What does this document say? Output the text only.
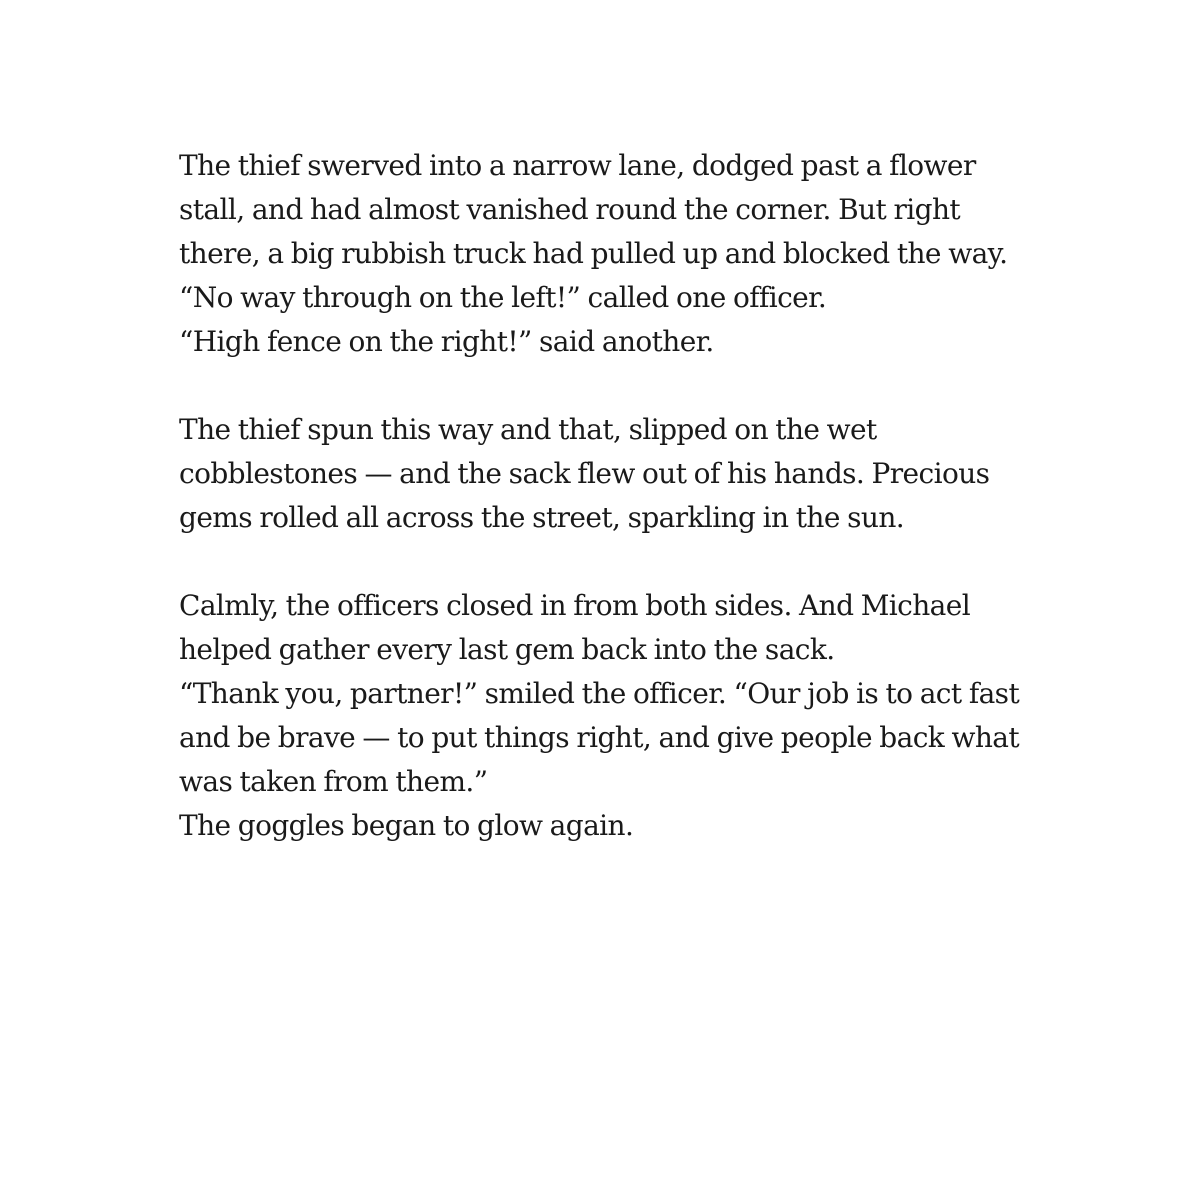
The thief swerved into a narrow lane, dodged past a flower
stall, and had almost vanished round the corner. But right
there, a big rubbish truck had pulled up and blocked the way.
“No way through on the left!” called one officer.
“High fence on the right!” said another.

The thief spun this way and that, slipped on the wet
cobblestones — and the sack flew out of his hands. Precious
gems rolled all across the street, sparkling in the sun.

Calmly, the officers closed in from both sides. And Michael
helped gather every last gem back into the sack.
“Thank you, partner!” smiled the officer. “Our job is to act fast
and be brave — to put things right, and give people back what
was taken from them.”
The goggles began to glow again.
